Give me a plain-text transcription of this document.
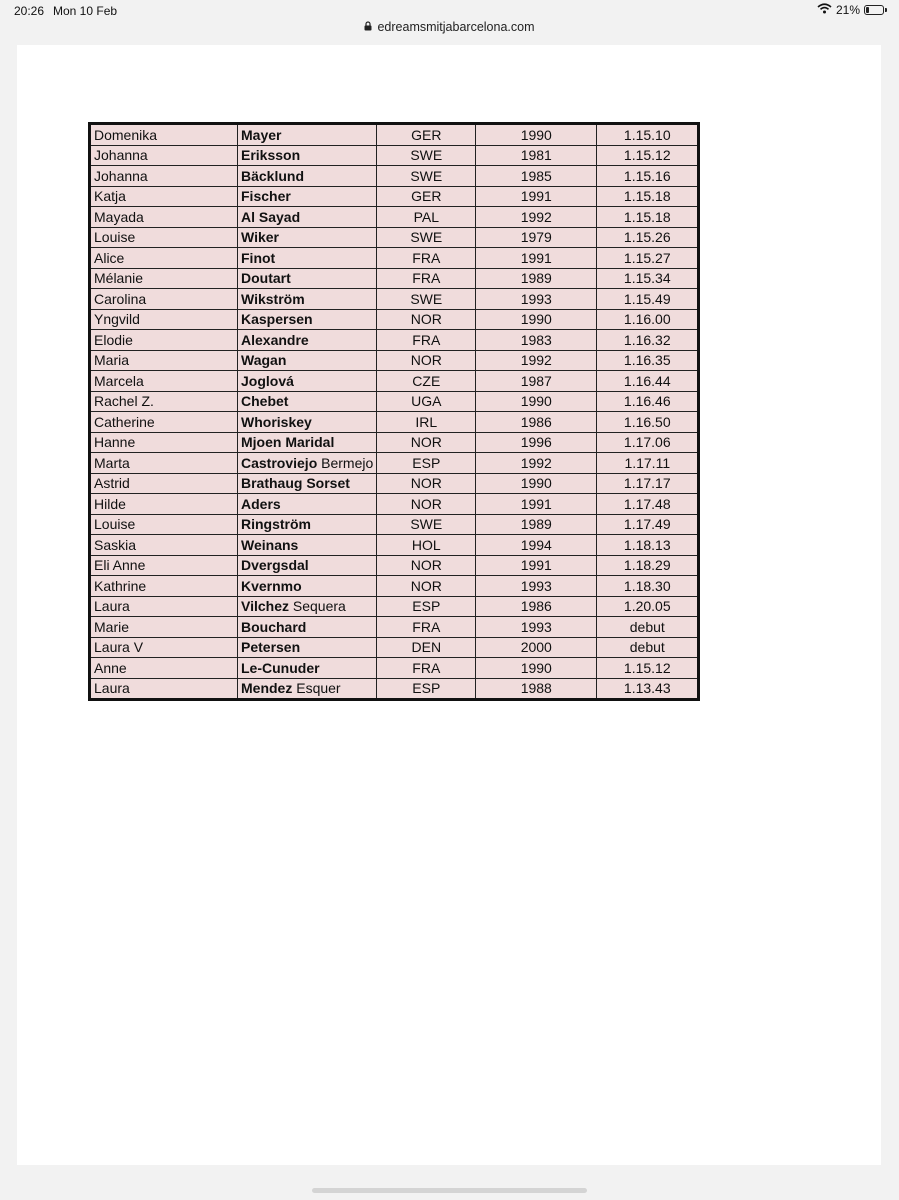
20:26 Mon 10 Feb	21%
edreamsmitjabarcelona.com
Domenika	Mayer	GER	1990	1.15.10
Johanna	Eriksson	SWE	1981	1.15.12
Johanna	Bäcklund	SWE	1985	1.15.16
Katja	Fischer	GER	1991	1.15.18
Mayada	Al Sayad	PAL	1992	1.15.18
Louise	Wiker	SWE	1979	1.15.26
Alice	Finot	FRA	1991	1.15.27
Mélanie	Doutart	FRA	1989	1.15.34
Carolina	Wikström	SWE	1993	1.15.49
Yngvild	Kaspersen	NOR	1990	1.16.00
Elodie	Alexandre	FRA	1983	1.16.32
Maria	Wagan	NOR	1992	1.16.35
Marcela	Joglová	CZE	1987	1.16.44
Rachel Z.	Chebet	UGA	1990	1.16.46
Catherine	Whoriskey	IRL	1986	1.16.50
Hanne	Mjoen Maridal	NOR	1996	1.17.06
Marta	Castroviejo Bermejo	ESP	1992	1.17.11
Astrid	Brathaug Sorset	NOR	1990	1.17.17
Hilde	Aders	NOR	1991	1.17.48
Louise	Ringström	SWE	1989	1.17.49
Saskia	Weinans	HOL	1994	1.18.13
Eli Anne	Dvergsdal	NOR	1991	1.18.29
Kathrine	Kvernmo	NOR	1993	1.18.30
Laura	Vilchez Sequera	ESP	1986	1.20.05
Marie	Bouchard	FRA	1993	debut
Laura V	Petersen	DEN	2000	debut
Anne	Le-Cunuder	FRA	1990	1.15.12
Laura	Mendez Esquer	ESP	1988	1.13.43
